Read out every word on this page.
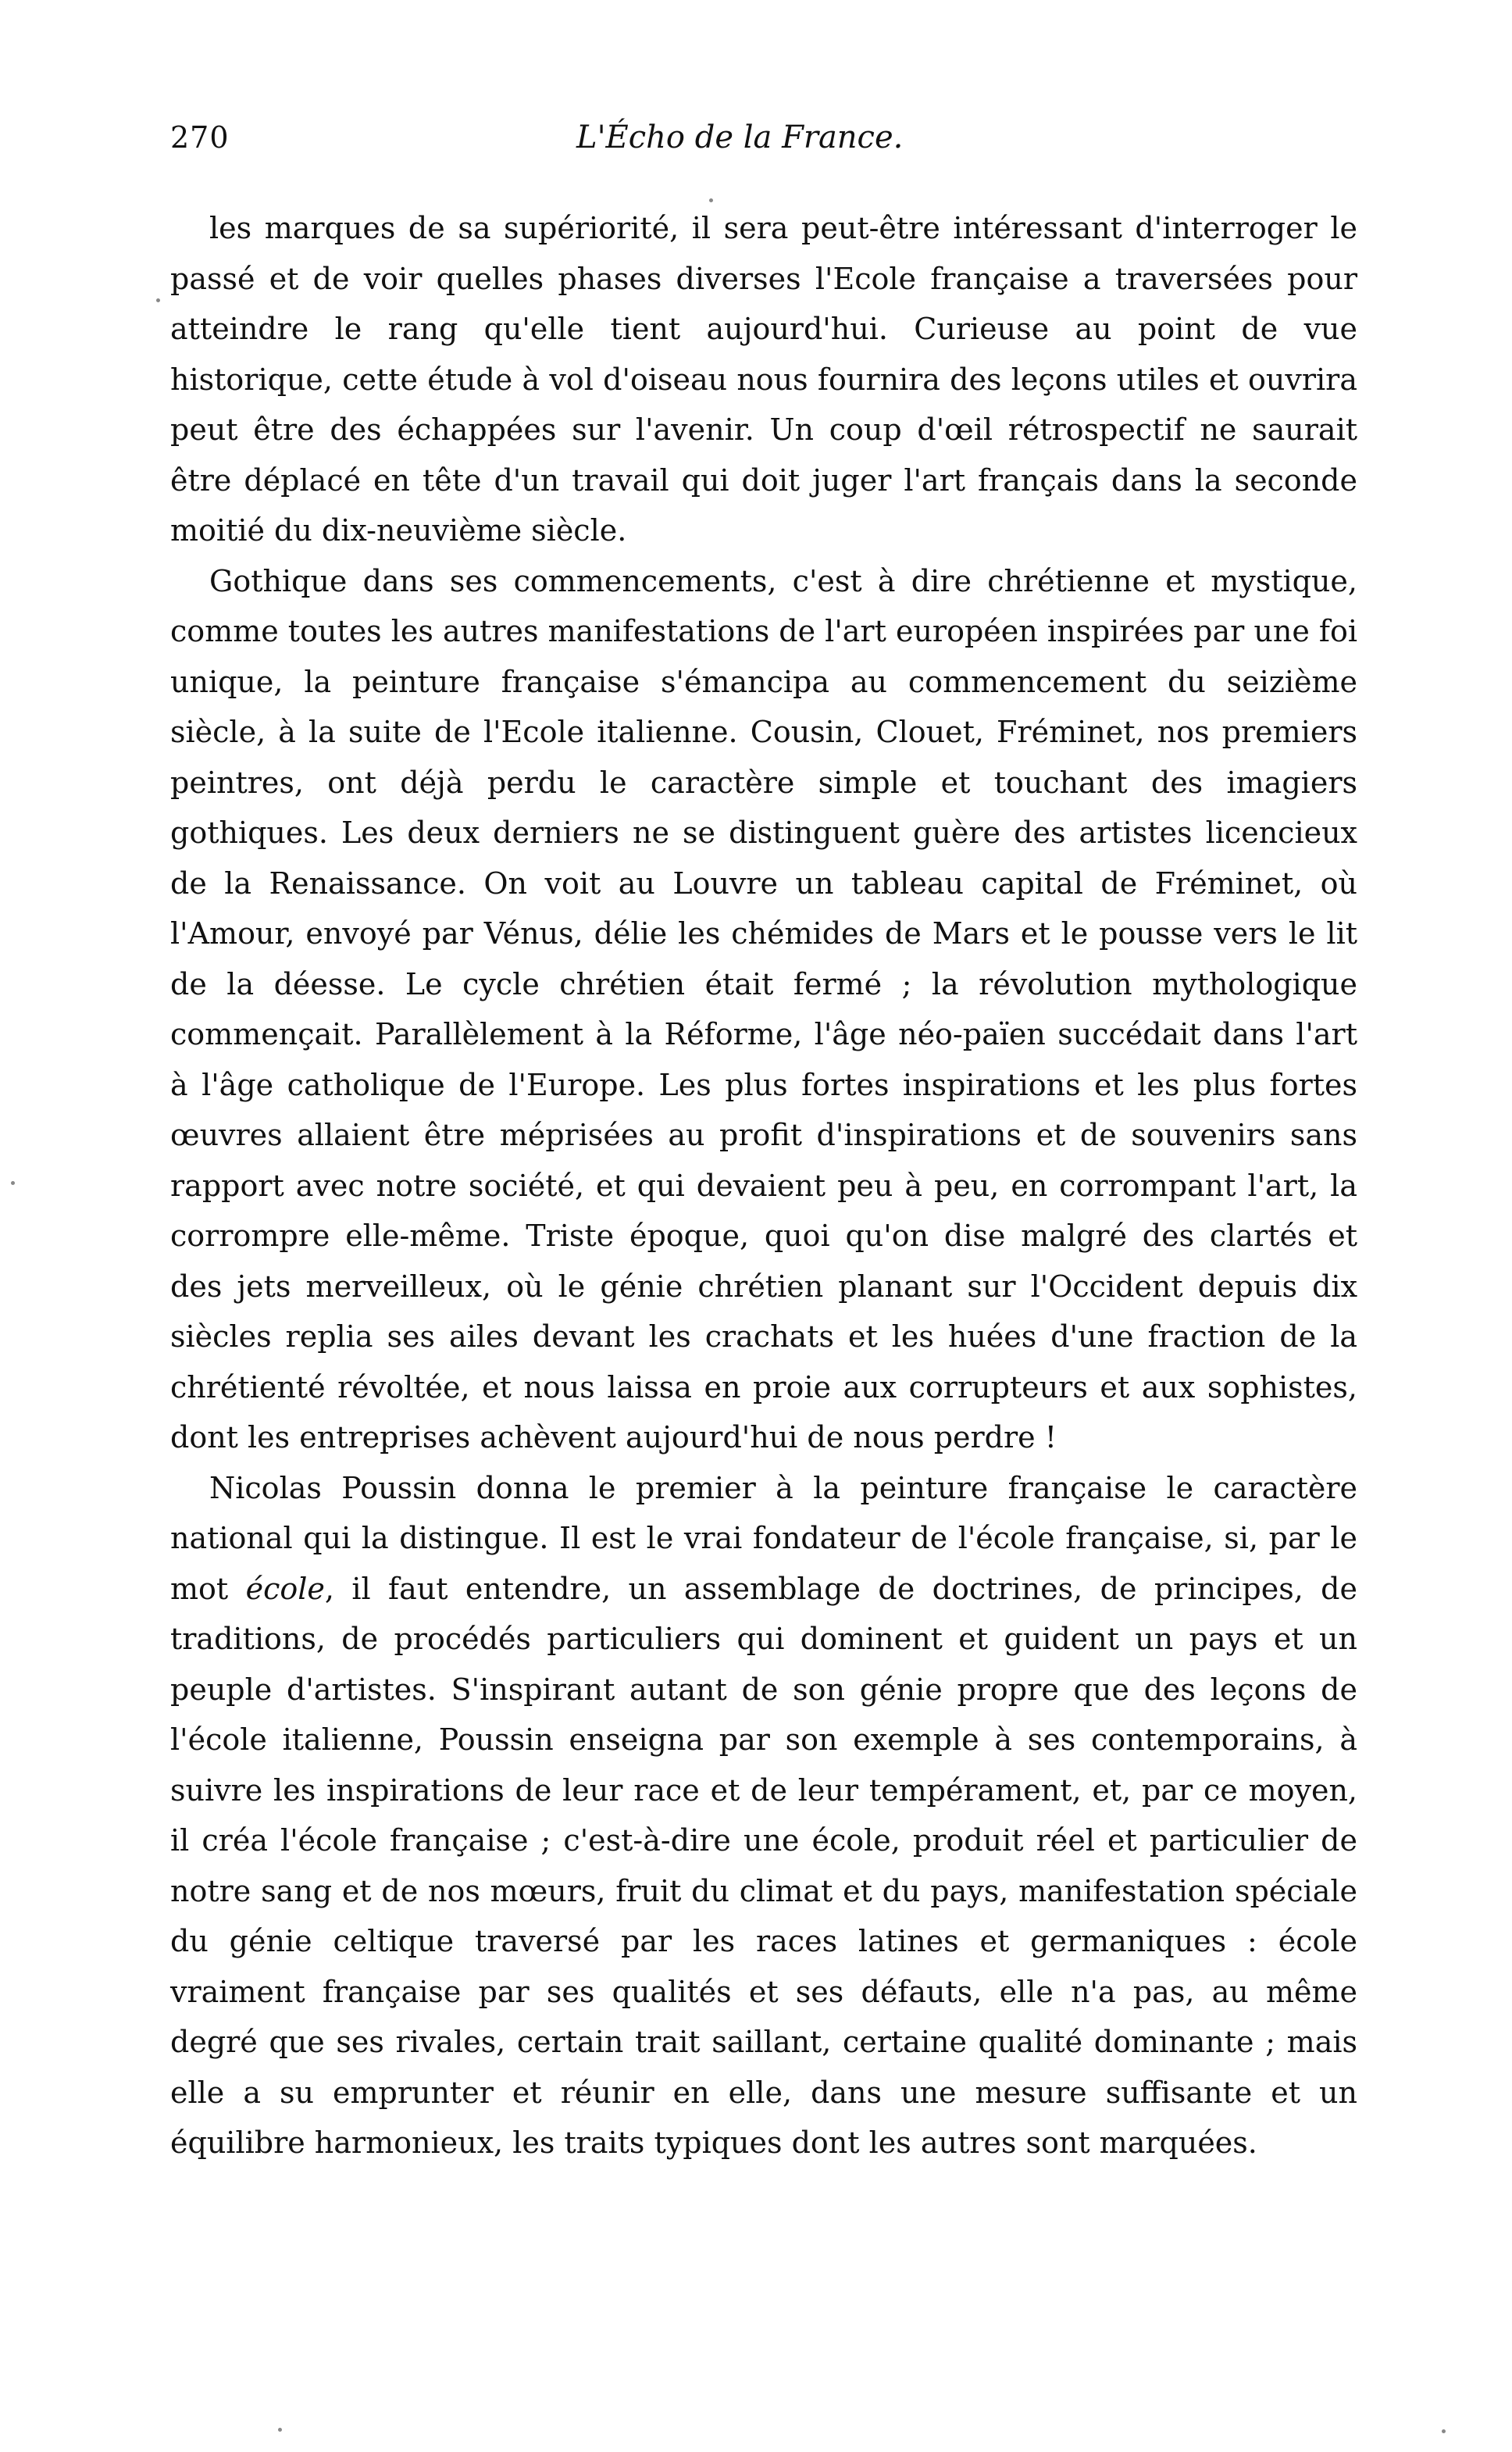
270	L'Écho de la France.

les marques de sa supériorité, il sera peut-être intéressant d'interroger le passé et de voir quelles phases diverses l'Ecole française a traversées pour atteindre le rang qu'elle tient aujourd'hui. Curieuse au point de vue historique, cette étude à vol d'oiseau nous fournira des leçons utiles et ouvrira peut être des échappées sur l'avenir. Un coup d'œil rétrospectif ne saurait être déplacé en tête d'un travail qui doit juger l'art français dans la seconde moitié du dix-neuvième siècle.

Gothique dans ses commencements, c'est à dire chrétienne et mystique, comme toutes les autres manifestations de l'art européen inspirées par une foi unique, la peinture française s'émancipa au commencement du seizième siècle, à la suite de l'Ecole italienne. Cousin, Clouet, Fréminet, nos premiers peintres, ont déjà perdu le caractère simple et touchant des imagiers gothiques. Les deux derniers ne se distinguent guère des artistes licencieux de la Renaissance. On voit au Louvre un tableau capital de Fréminet, où l'Amour, envoyé par Vénus, délie les chémides de Mars et le pousse vers le lit de la déesse. Le cycle chrétien était fermé ; la révolution mythologique commençait. Parallèlement à la Réforme, l'âge néo-païen succédait dans l'art à l'âge catholique de l'Europe. Les plus fortes inspirations et les plus fortes œuvres allaient être méprisées au profit d'inspirations et de souvenirs sans rapport avec notre société, et qui devaient peu à peu, en corrompant l'art, la corrompre elle-même. Triste époque, quoi qu'on dise malgré des clartés et des jets merveilleux, où le génie chrétien planant sur l'Occident depuis dix siècles replia ses ailes devant les crachats et les huées d'une fraction de la chrétienté révoltée, et nous laissa en proie aux corrupteurs et aux sophistes, dont les entreprises achèvent aujourd'hui de nous perdre !

Nicolas Poussin donna le premier à la peinture française le caractère national qui la distingue. Il est le vrai fondateur de l'école française, si, par le mot école, il faut entendre, un assemblage de doctrines, de principes, de traditions, de procédés particuliers qui dominent et guident un pays et un peuple d'artistes. S'inspirant autant de son génie propre que des leçons de l'école italienne, Poussin enseigna par son exemple à ses contemporains, à suivre les inspirations de leur race et de leur tempérament, et, par ce moyen, il créa l'école française ; c'est-à-dire une école, produit réel et particulier de notre sang et de nos mœurs, fruit du climat et du pays, manifestation spéciale du génie celtique traversé par les races latines et germaniques : école vraiment française par ses qualités et ses défauts, elle n'a pas, au même degré que ses rivales, certain trait saillant, certaine qualité dominante ; mais elle a su emprunter et réunir en elle, dans une mesure suffisante et un équilibre harmonieux, les traits typiques dont les autres sont marquées.
